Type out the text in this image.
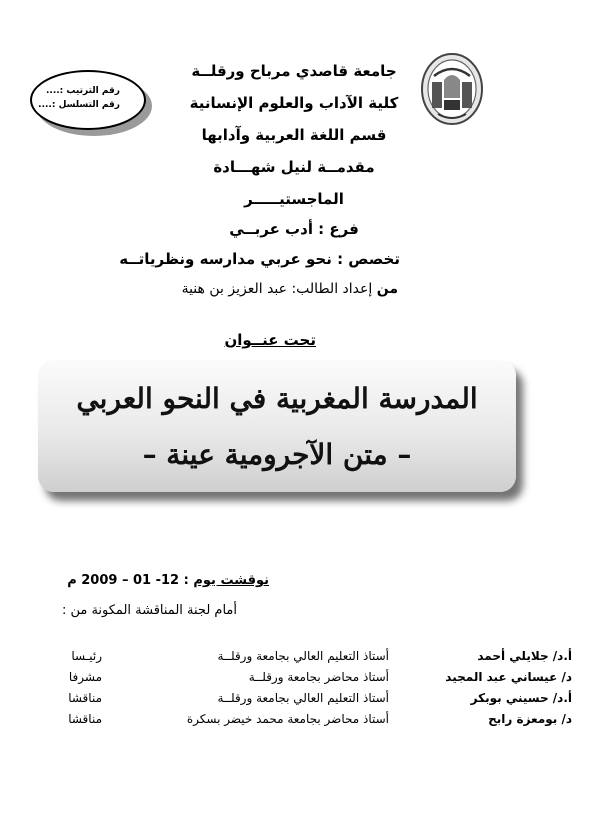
رقم الترتيب :....
رقم التسلسل :....
جامعة قاصدي مرباح ورقلــة
كلية الآداب والعلوم الإنسانية
قسم اللغة العربية وآدابها
مقدمــة لنيل شهـــادة
الماجستيـــــر
فرع : أدب عربــي
تخصص : نحو عربي مدارسه ونظرياتــه
من إعداد الطالب: عبد العزيز بن هنية
تحت عنــوان
المدرسة المغربية في النحو العربي
– متن الآجرومية عينة –
نوقشت يوم : 12- 01 – 2009 م
أمام لجنة المناقشة المكونة من :
أ.د/ جلايلي أحمد
أستاذ التعليم العالي بجامعة ورقلــة
رئيـسا
د/ عيساني عبد المجيد
أستاذ محاضر بجامعة ورقلــة
مشرفا
أ.د/ حسيني بوبكر
أستاذ التعليم العالي بجامعة ورقلــة
مناقشا
د/ بومعزة رابح
أستاذ محاضر بجامعة محمد خيضر بسكرة
مناقشا
